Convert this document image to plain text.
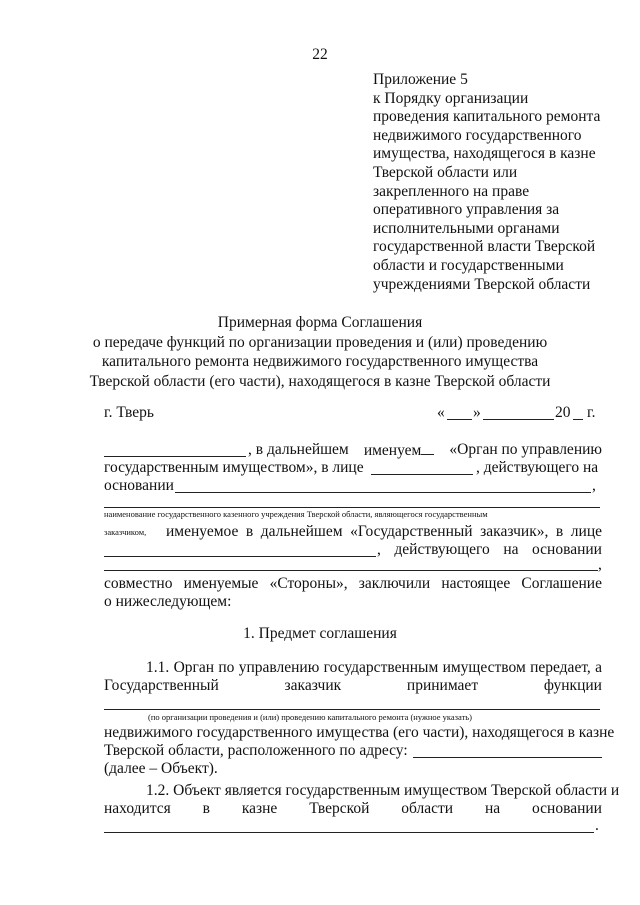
22
Приложение 5
к Порядку организации
проведения капитального ремонта
недвижимого государственного
имущества, находящегося в казне
Тверской области или
закрепленного на праве
оперативного управления за
исполнительными органами
государственной власти Тверской
области и государственными
учреждениями Тверской области
Примерная форма Соглашения
о передаче функций по организации проведения и (или) проведению
капитального ремонта недвижимого государственного имущества
Тверской области (его части), находящегося в казне Тверской области
г. Тверь	« »	20 г.
, в дальнейшем именуем	«Орган по управлению
государственным имуществом», в лице	, действующего на
основании	,
наименование государственного казенного учреждения Тверской области, являющегося государственным
заказчиком, именуемое в дальнейшем «Государственный заказчик», в лице
, действующего на основании
,
совместно именуемые «Стороны», заключили настоящее Соглашение
о нижеследующем:
1. Предмет соглашения
1.1. Орган по управлению государственным имуществом передает, а
Государственный	заказчик	принимает	функции
(по организации проведения и (или) проведению капитального ремонта (нужное указать)
недвижимого государственного имущества (его части), находящегося в казне
Тверской области, расположенного по адресу:
(далее – Объект).
1.2. Объект является государственным имуществом Тверской области и
находится в казне Тверской области на основании
.
